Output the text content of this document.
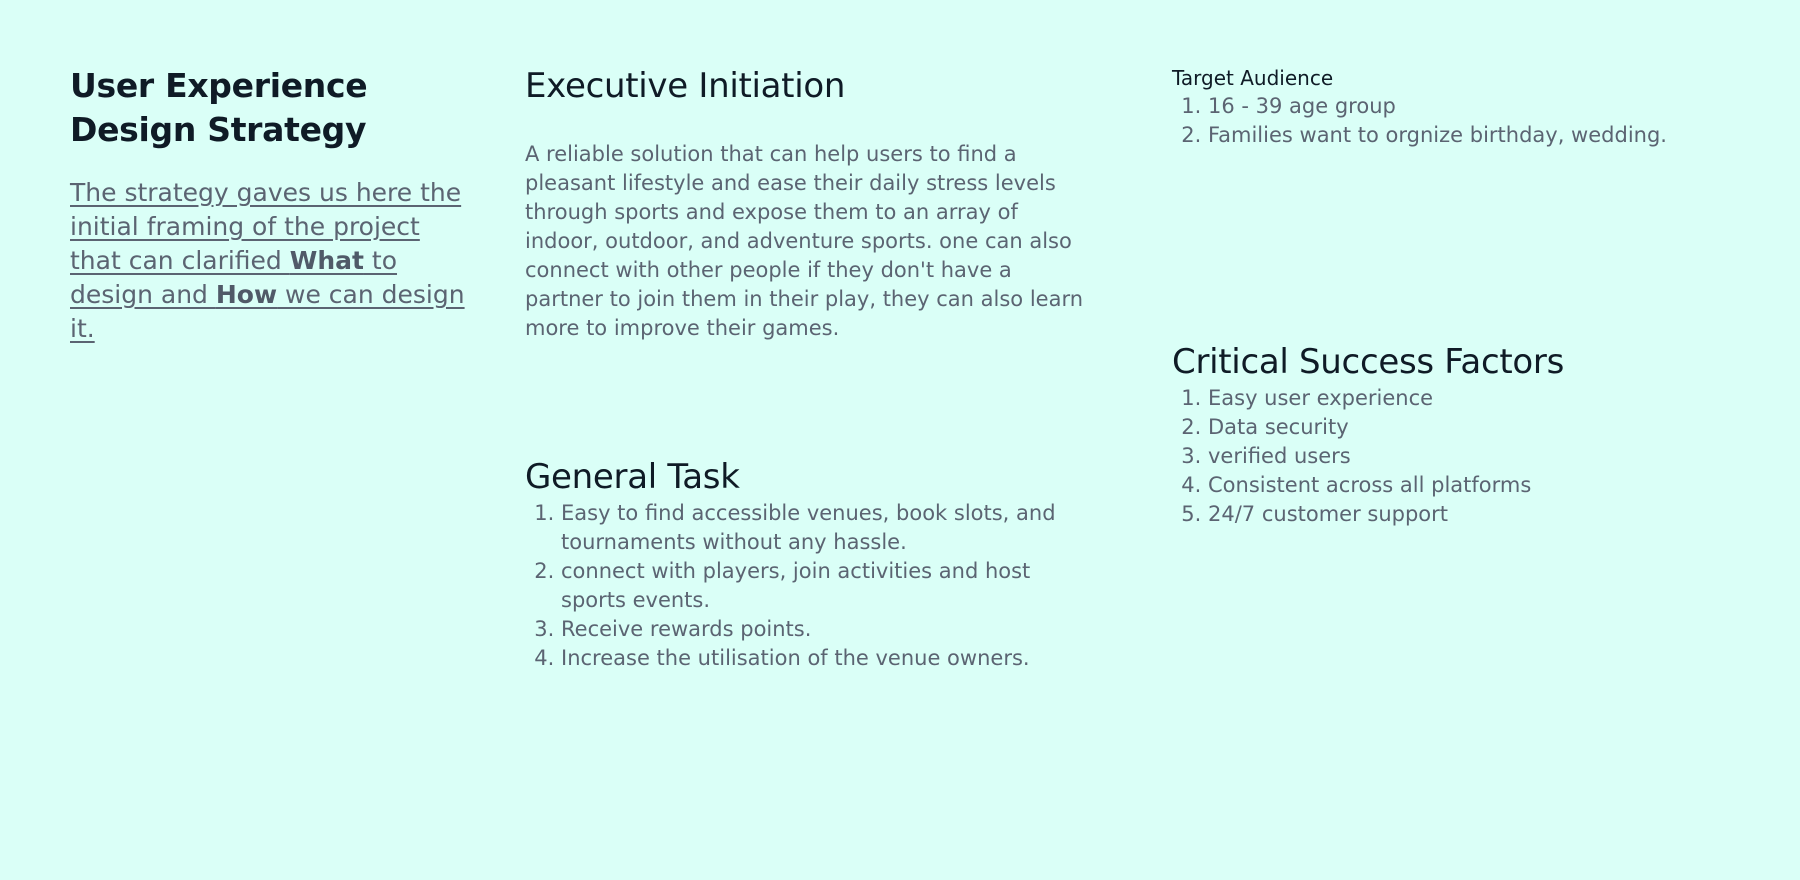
User Experience
Design Strategy
The strategy gaves us here the initial framing of the project that can clarified What to design and How we can design it.
Executive Initiation

A reliable solution that can help users to find a pleasant lifestyle and ease their daily stress levels through sports and expose them to an array of indoor, outdoor, and adventure sports. one can also connect with other people if they don't have a partner to join them in their play, they can also learn more to improve their games.

General Task
1. Easy to find accessible venues, book slots, and tournaments without any hassle.
2. connect with players, join activities and host sports events.
3. Receive rewards points.
4. Increase the utilisation of the venue owners.
Target Audience
1. 16 - 39 age group
2. Families want to orgnize birthday, wedding.
Critical Success Factors
1. Easy user experience
2. Data security
3. verified users
4. Consistent across all platforms
5. 24/7 customer support
